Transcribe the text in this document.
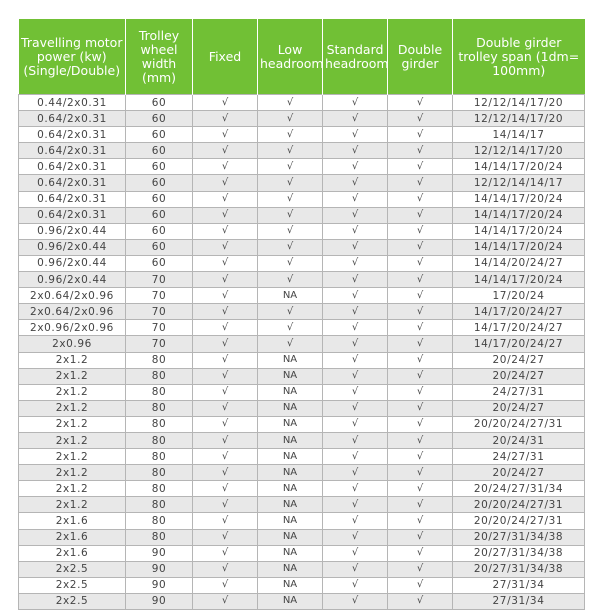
Travelling motor power (kw) (Single/Double)	Trolley wheel width (mm)	Fixed	Low headroom	Standard headroom	Double girder	Double girder trolley span (1dm= 100mm)
0.44/2x0.31	60	√	√	√	√	12/12/14/17/20
0.64/2x0.31	60	√	√	√	√	12/12/14/17/20
0.64/2x0.31	60	√	√	√	√	14/14/17
0.64/2x0.31	60	√	√	√	√	12/12/14/17/20
0.64/2x0.31	60	√	√	√	√	14/14/17/20/24
0.64/2x0.31	60	√	√	√	√	12/12/14/14/17
0.64/2x0.31	60	√	√	√	√	14/14/17/20/24
0.64/2x0.31	60	√	√	√	√	14/14/17/20/24
0.96/2x0.44	60	√	√	√	√	14/14/17/20/24
0.96/2x0.44	60	√	√	√	√	14/14/17/20/24
0.96/2x0.44	60	√	√	√	√	14/14/20/24/27
0.96/2x0.44	70	√	√	√	√	14/14/17/20/24
2x0.64/2x0.96	70	√	NA	√	√	17/20/24
2x0.64/2x0.96	70	√	√	√	√	14/17/20/24/27
2x0.96/2x0.96	70	√	√	√	√	14/17/20/24/27
2x0.96	70	√	√	√	√	14/17/20/24/27
2x1.2	80	√	NA	√	√	20/24/27
2x1.2	80	√	NA	√	√	20/24/27
2x1.2	80	√	NA	√	√	24/27/31
2x1.2	80	√	NA	√	√	20/24/27
2x1.2	80	√	NA	√	√	20/20/24/27/31
2x1.2	80	√	NA	√	√	20/24/31
2x1.2	80	√	NA	√	√	24/27/31
2x1.2	80	√	NA	√	√	20/24/27
2x1.2	80	√	NA	√	√	20/24/27/31/34
2x1.2	80	√	NA	√	√	20/20/24/27/31
2x1.6	80	√	NA	√	√	20/20/24/27/31
2x1.6	80	√	NA	√	√	20/27/31/34/38
2x1.6	90	√	NA	√	√	20/27/31/34/38
2x2.5	90	√	NA	√	√	20/27/31/34/38
2x2.5	90	√	NA	√	√	27/31/34
2x2.5	90	√	NA	√	√	27/31/34
